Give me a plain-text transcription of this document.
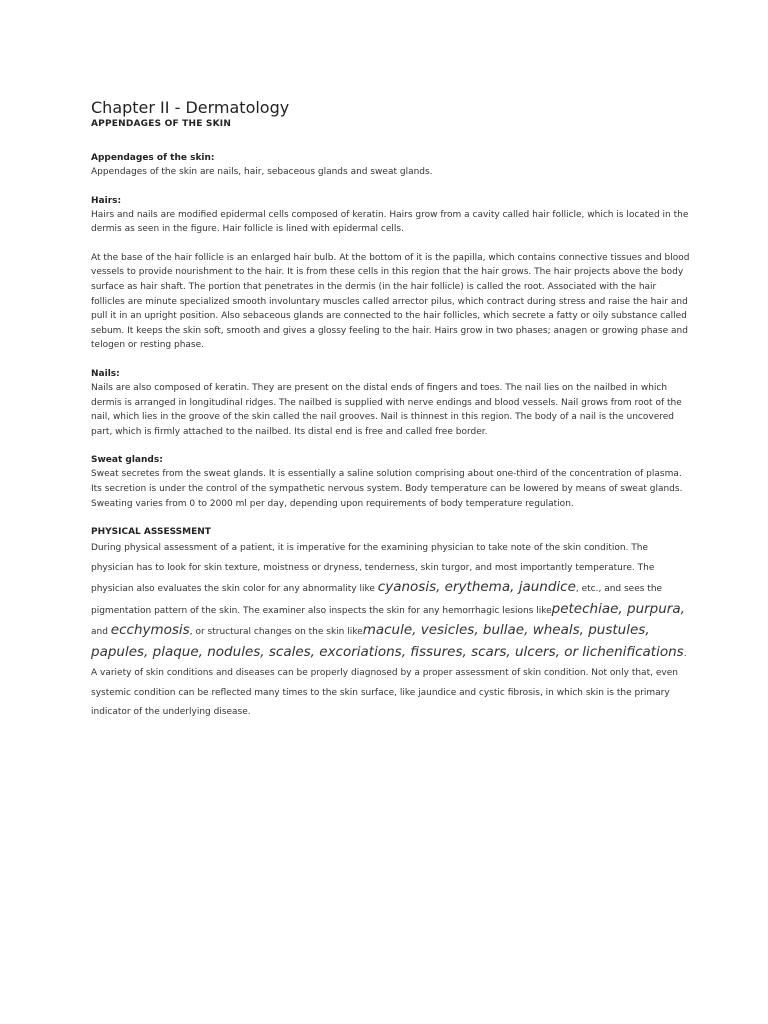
Chapter II - Dermatology
APPENDAGES OF THE SKIN
Appendages of the skin:

Appendages of the skin are nails, hair, sebaceous glands and sweat glands.

Hairs:

Hairs and nails are modified epidermal cells composed of keratin. Hairs grow from a cavity called hair follicle, which is located in the dermis as seen in the figure. Hair follicle is lined with epidermal cells.

At the base of the hair follicle is an enlarged hair bulb. At the bottom of it is the papilla, which contains connective tissues and blood vessels to provide nourishment to the hair. It is from these cells in this region that the hair grows. The hair projects above the body surface as hair shaft. The portion that penetrates in the dermis (in the hair follicle) is called the root. Associated with the hair follicles are minute specialized smooth involuntary muscles called arrector pilus, which contract during stress and raise the hair and pull it in an upright position. Also sebaceous glands are connected to the hair follicles, which secrete a fatty or oily substance called sebum. It keeps the skin soft, smooth and gives a glossy feeling to the hair. Hairs grow in two phases; anagen or growing phase and telogen or resting phase.

Nails:

Nails are also composed of keratin. They are present on the distal ends of fingers and toes. The nail lies on the nailbed in which dermis is arranged in longitudinal ridges. The nailbed is supplied with nerve endings and blood vessels. Nail grows from root of the nail, which lies in the groove of the skin called the nail grooves. Nail is thinnest in this region. The body of a nail is the uncovered part, which is firmly attached to the nailbed. Its distal end is free and called free border.

Sweat glands:

Sweat secretes from the sweat glands. It is essentially a saline solution comprising about one-third of the concentration of plasma. Its secretion is under the control of the sympathetic nervous system. Body temperature can be lowered by means of sweat glands. Sweating varies from 0 to 2000 ml per day, depending upon requirements of body temperature regulation.

PHYSICAL ASSESSMENT

During physical assessment of a patient, it is imperative for the examining physician to take note of the skin condition. The physician has to look for skin texture, moistness or dryness, tenderness, skin turgor, and most importantly temperature. The physician also evaluates the skin color for any abnormality like cyanosis, erythema, jaundice, etc., and sees the pigmentation pattern of the skin. The examiner also inspects the skin for any hemorrhagic lesions likepetechiae, purpura, and ecchymosis, or structural changes on the skin likemacule, vesicles, bullae, wheals, pustules, papules, plaque, nodules, scales, excoriations, fissures, scars, ulcers, or lichenifications. A variety of skin conditions and diseases can be properly diagnosed by a proper assessment of skin condition. Not only that, even systemic condition can be reflected many times to the skin surface, like jaundice and cystic fibrosis, in which skin is the primary indicator of the underlying disease.
